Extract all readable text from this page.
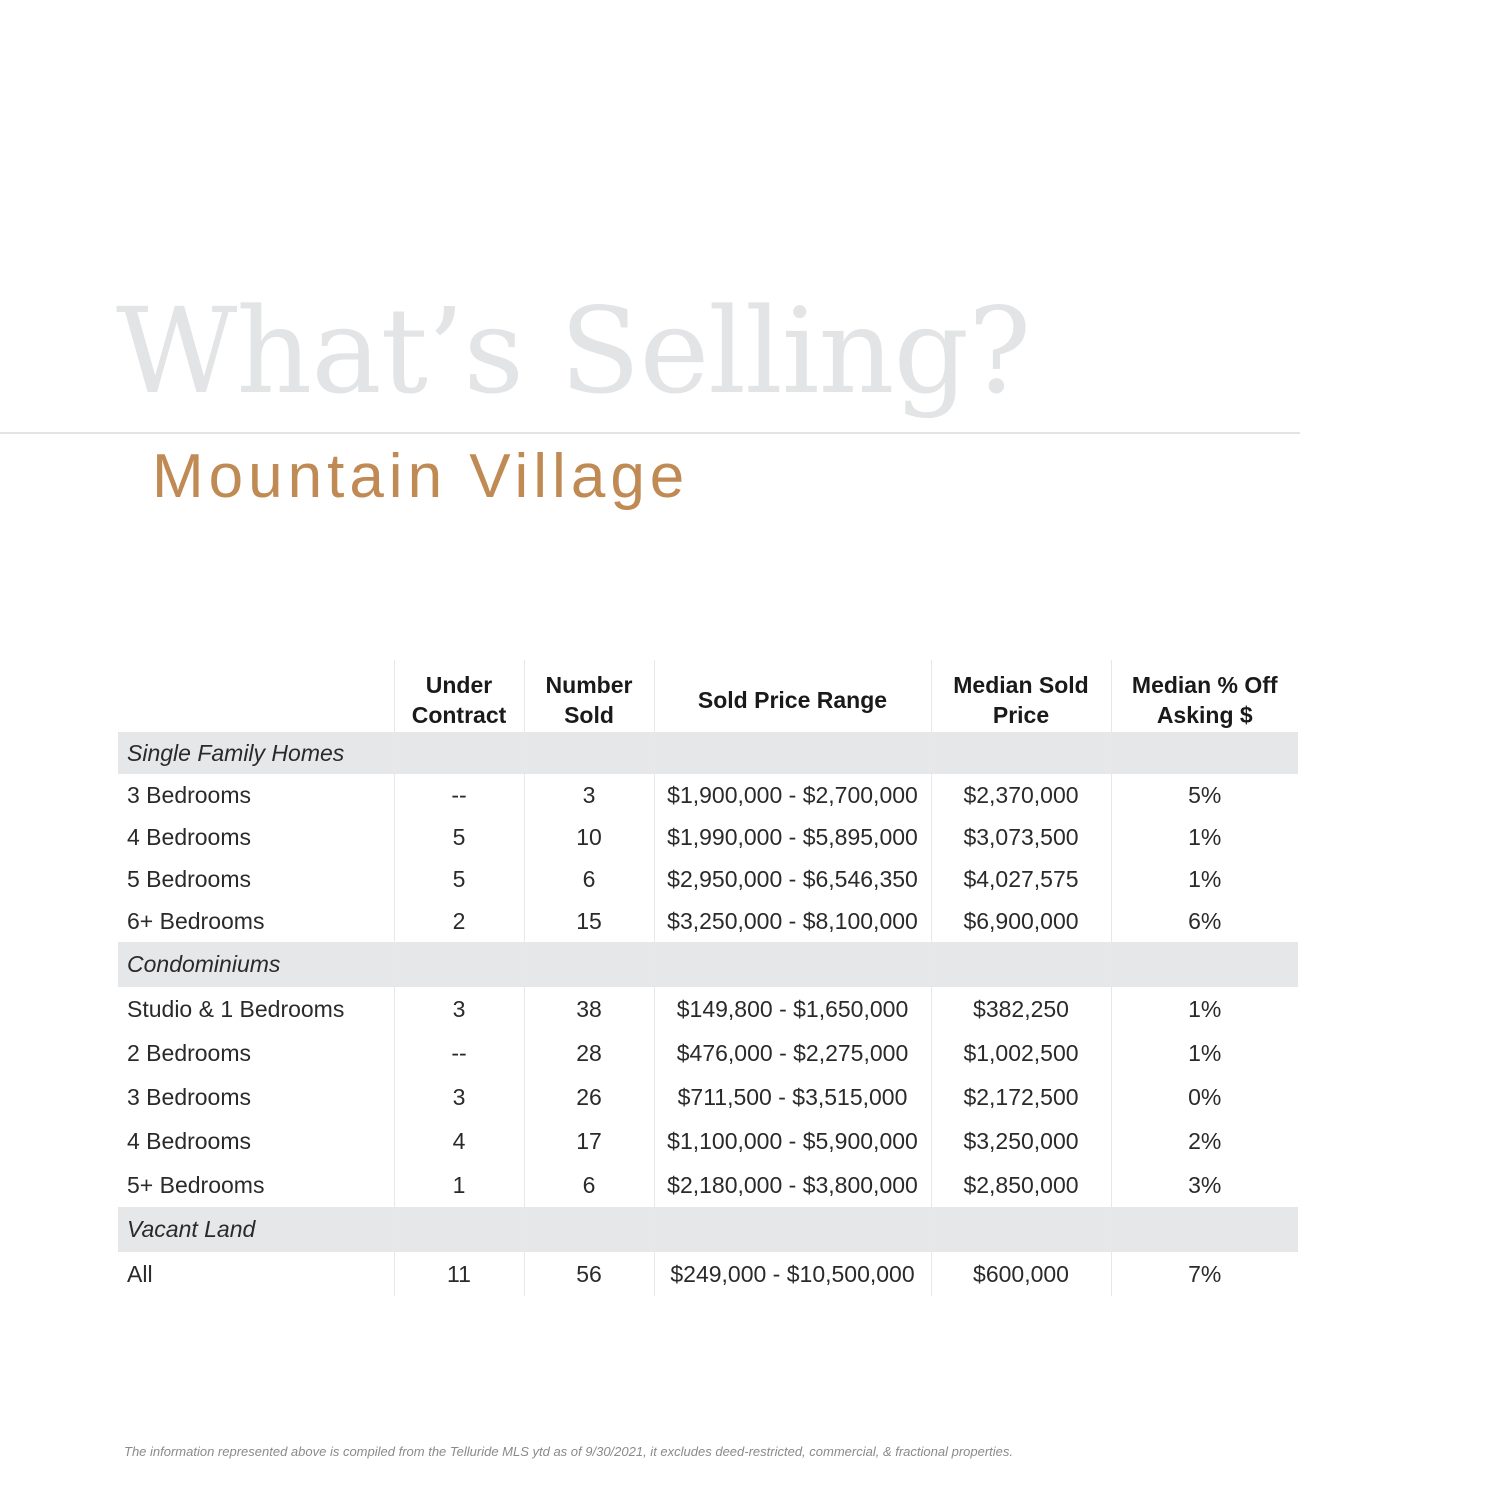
What’s Selling?
Mountain Village
	Under Contract	Number Sold	Sold Price Range	Median Sold Price	Median % Off Asking $
Single Family Homes					
3 Bedrooms	--	3	$1,900,000 - $2,700,000	$2,370,000	5%
4 Bedrooms	5	10	$1,990,000 - $5,895,000	$3,073,500	1%
5 Bedrooms	5	6	$2,950,000 - $6,546,350	$4,027,575	1%
6+ Bedrooms	2	15	$3,250,000 - $8,100,000	$6,900,000	6%
Condominiums					
Studio & 1 Bedrooms	3	38	$149,800 - $1,650,000	$382,250	1%
2 Bedrooms	--	28	$476,000 - $2,275,000	$1,002,500	1%
3 Bedrooms	3	26	$711,500 - $3,515,000	$2,172,500	0%
4 Bedrooms	4	17	$1,100,000 - $5,900,000	$3,250,000	2%
5+ Bedrooms	1	6	$2,180,000 - $3,800,000	$2,850,000	3%
Vacant Land					
All	11	56	$249,000 - $10,500,000	$600,000	7%
The information represented above is compiled from the Telluride MLS ytd as of 9/30/2021, it excludes deed-restricted, commercial, & fractional properties.
